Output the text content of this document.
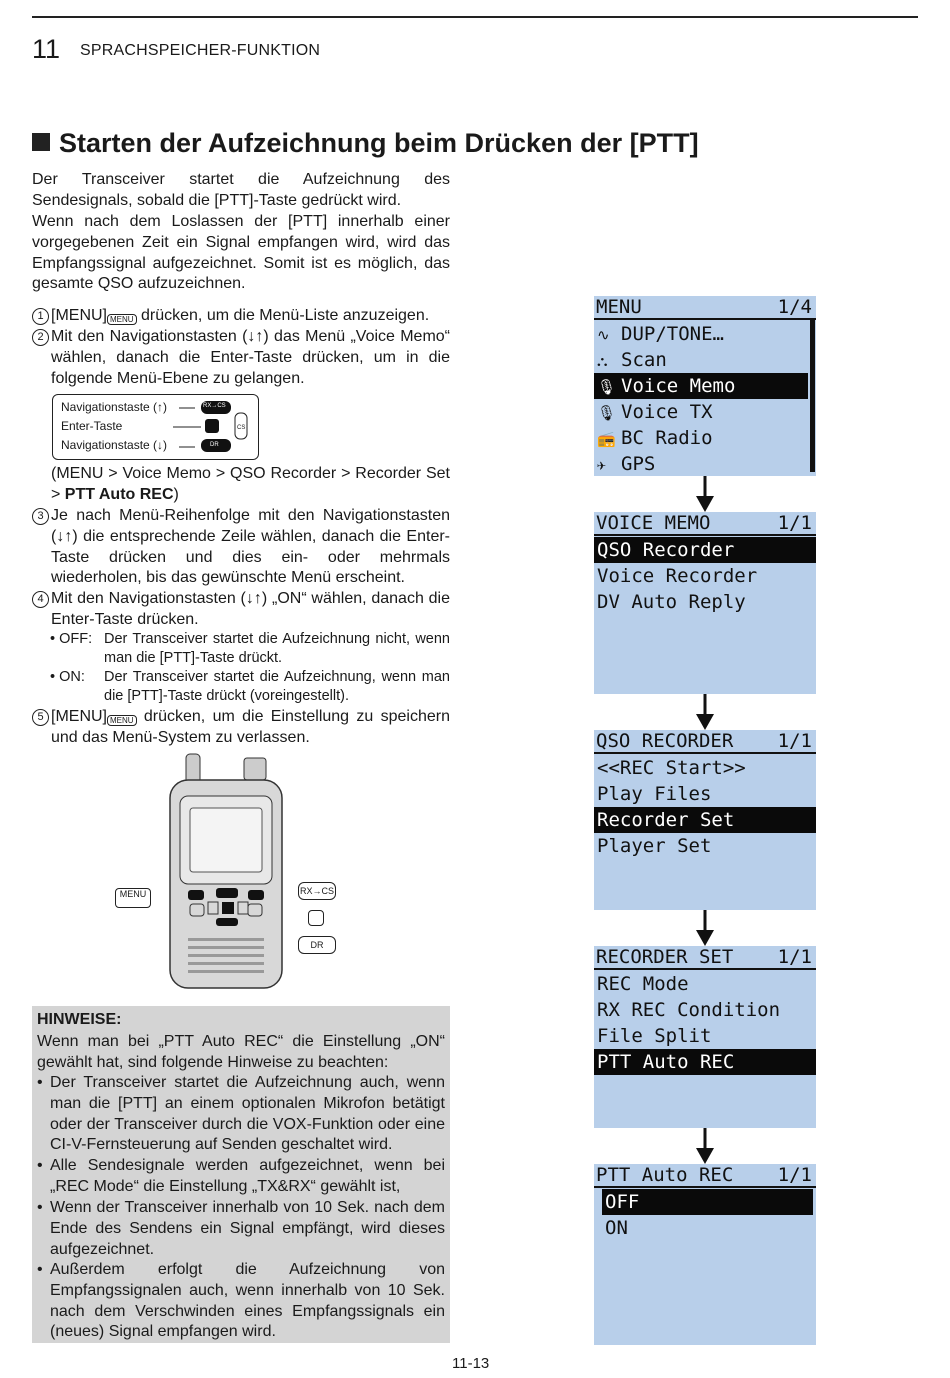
11 SPRACHSPEICHER-FUNKTION
Starten der Aufzeichnung beim Drücken der [PTT]
Der Transceiver startet die Aufzeichnung des Sendesignals, sobald die [PTT]-Taste gedrückt wird.
Wenn nach dem Loslassen der [PTT] innerhalb einer vorgegebenen Zeit ein Signal empfangen wird, wird das Empfangssignal aufgezeichnet. Somit ist es möglich, das gesamte QSO aufzuzeichnen.
1 [MENU] MENU drücken, um die Menü-Liste anzuzeigen.
2 Mit den Navigationstasten (↓↑) das Menü „Voice Memo“ wählen, danach die Enter-Taste drücken, um in die folgende Menü-Ebene zu gelangen.
Navigationstaste (↑)
Enter-Taste
Navigationstaste (↓)
RX→CS
DR
CS
(MENU > Voice Memo > QSO Recorder > Recorder Set > PTT Auto REC)
3 Je nach Menü-Reihenfolge mit den Navigationstasten (↓↑) die entsprechende Zeile wählen, danach die Enter-Taste drücken und dies ein- oder mehrmals wiederholen, bis das gewünschte Menü erscheint.
4 Mit den Navigationstasten (↓↑) „ON“ wählen, danach die Enter-Taste drücken.
• OFF: Der Transceiver startet die Aufzeichnung nicht, wenn man die [PTT]-Taste drückt.
• ON: Der Transceiver startet die Aufzeichnung, wenn man die [PTT]-Taste drückt (voreingestellt).
5 [MENU] MENU drücken, um die Einstellung zu speichern und das Menü-System zu verlassen.
MENU	RX→CS
DR
HINWEISE:
Wenn man bei „PTT Auto REC“ die Einstellung „ON“ gewählt hat, sind folgende Hinweise zu beachten:
• Der Transceiver startet die Aufzeichnung auch, wenn man die [PTT] an einem optionalen Mikrofon betätigt oder der Transceiver durch die VOX-Funktion oder eine CI-V-Fernsteuerung auf Senden geschaltet wird.
• Alle Sendesignale werden aufgezeichnet, wenn bei „REC Mode“ die Einstellung „TX&RX“ gewählt ist,
• Wenn der Transceiver innerhalb von 10 Sek. nach dem Ende des Sendens ein Signal empfängt, wird dieses aufgezeichnet.
• Außerdem erfolgt die Aufzeichnung von Empfangssignalen auch, wenn innerhalb von 10 Sek. nach dem Verschwinden eines Empfangssignals ein (neues) Signal empfangen wird.
11-13
MENU	1/4
∿ DUP/TONE…
⛬ Scan
🎙 Voice Memo
🎙 Voice TX
📻 BC Radio
✈ GPS
VOICE MEMO	1/1
QSO Recorder
Voice Recorder
DV Auto Reply
QSO RECORDER 1/1
<<REC Start>>
Play Files
Recorder Set
Player Set
RECORDER SET 1/1
REC Mode
RX REC Condition
File Split
PTT Auto REC
PTT Auto REC 1/1
OFF
ON
